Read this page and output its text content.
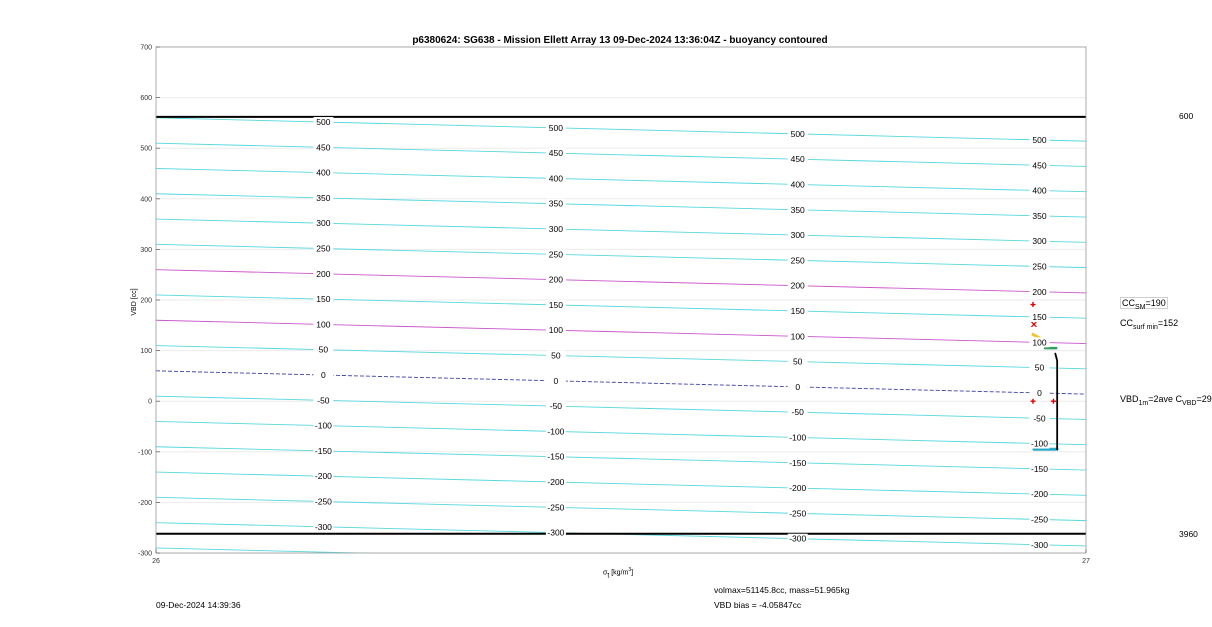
-300
-300
-300
-300
-250
-250
-250
-250
-200
-200
-200
-200
-150
-150
-150
-150
-100
-100
-100
-100
-50
-50
-50
-50
0
0
0
0
50
50
50
50
100
100
100
100
150
150
150
150
200
200
200
200
250
250
250
250
300
300
300
300
350
350
350
350
400
400
400
400
450
450
450
450
500
500
500
500
700
600
500
400
300
200
100
0
-100
-200
-300
26	27
p6380624: SG638 - Mission Ellett Array 13 09-Dec-2024 13:36:04Z - buoyancy contoured
VBD [cc]
$\sigma_t$ $[kg/m^3]$
$CC_{SM}=190$
$CC_{surf min}=152$
$VBD_{1m}=2ave$ $C_{VBD}=29$
600
3960
09-Dec-2024 14:39:36
volmax=51145.8cc, mass=51.965kg
VBD bias = -4.05847cc
